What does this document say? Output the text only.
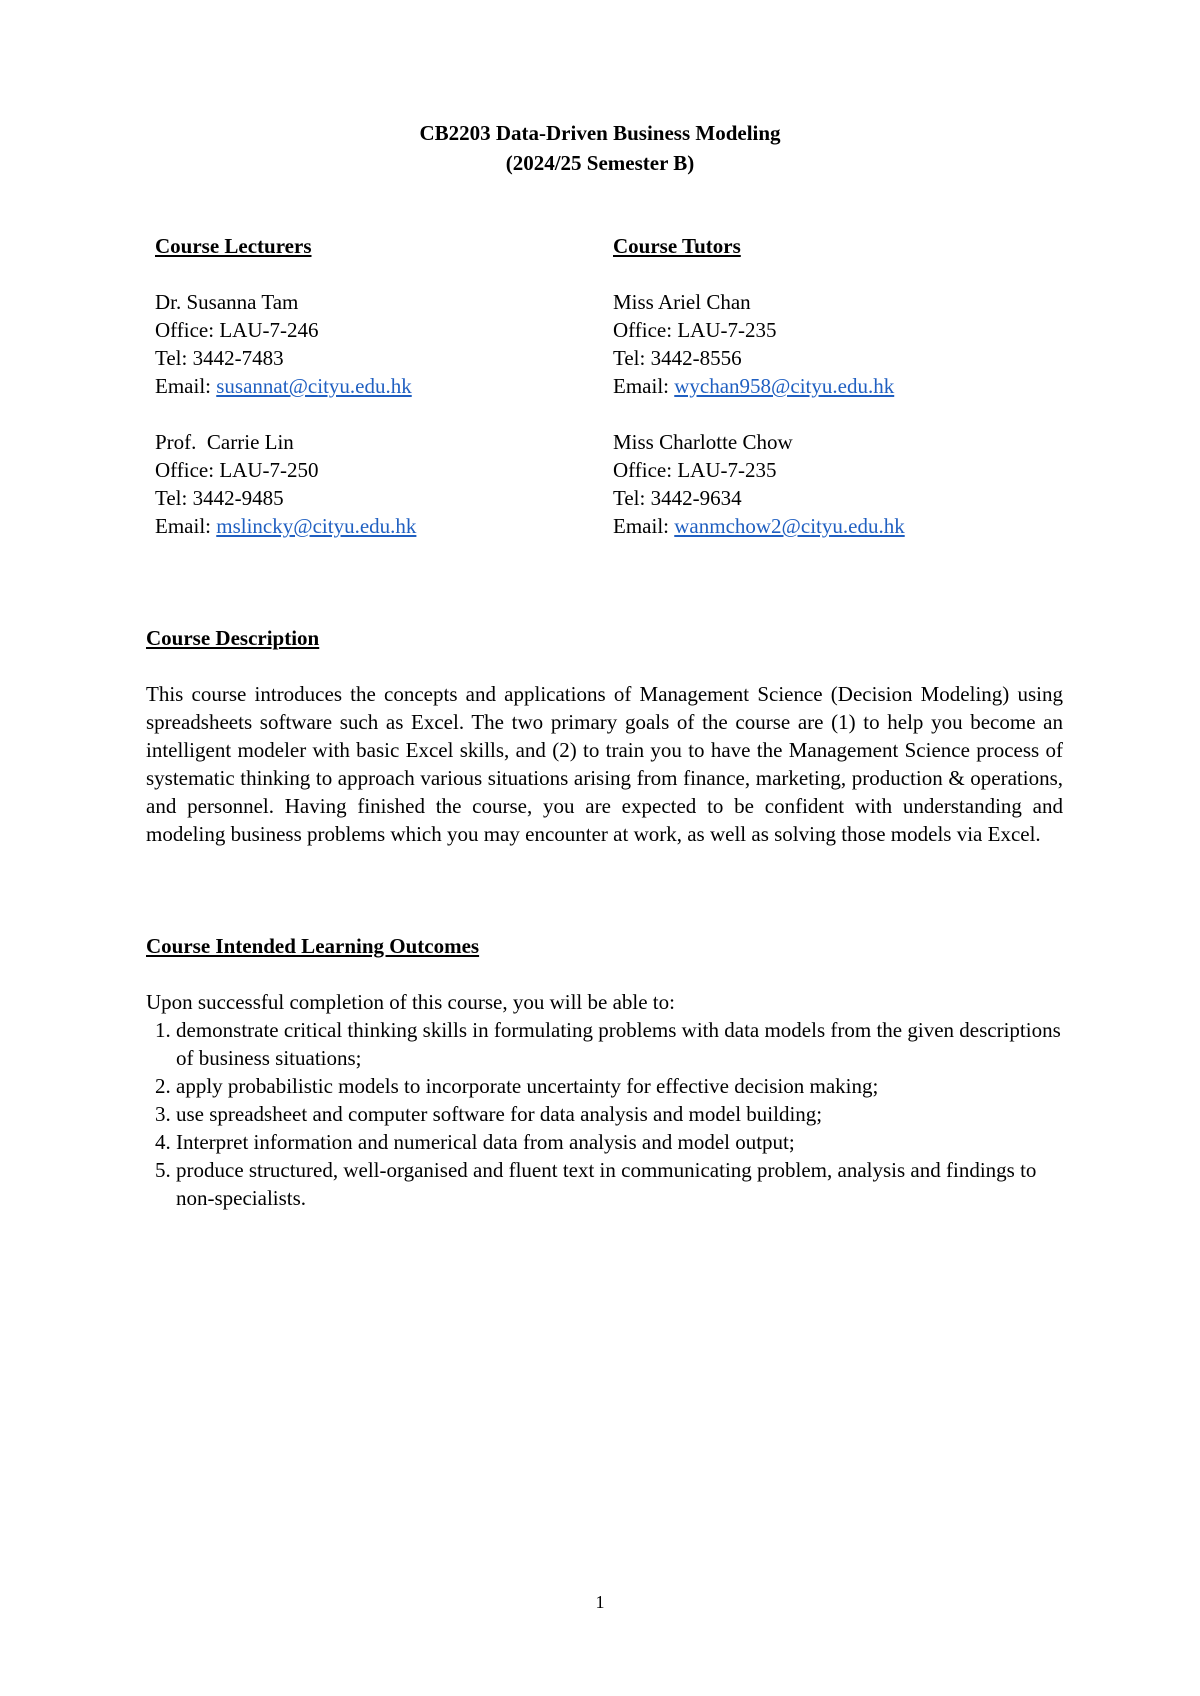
CB2203 Data-Driven Business Modeling
(2024/25 Semester B)
Course Lecturers
Dr. Susanna Tam
Office: LAU-7-246
Tel: 3442-7483
Email: susannat@cityu.edu.hk
Prof.  Carrie Lin
Office: LAU-7-250
Tel: 3442-9485
Email: mslincky@cityu.edu.hk
Course Tutors
Miss Ariel Chan
Office: LAU-7-235
Tel: 3442-8556
Email: wychan958@cityu.edu.hk
Miss Charlotte Chow
Office: LAU-7-235
Tel: 3442-9634
Email: wanmchow2@cityu.edu.hk
Course Description
This course introduces the concepts and applications of Management Science (Decision Modeling) using spreadsheets software such as Excel. The two primary goals of the course are (1) to help you become an intelligent modeler with basic Excel skills, and (2) to train you to have the Management Science process of systematic thinking to approach various situations arising from finance, marketing, production & operations, and personnel. Having finished the course, you are expected to be confident with understanding and modeling business problems which you may encounter at work, as well as solving those models via Excel.
Course Intended Learning Outcomes
Upon successful completion of this course, you will be able to:
1. demonstrate critical thinking skills in formulating problems with data models from the given descriptions of business situations;
2. apply probabilistic models to incorporate uncertainty for effective decision making;
3. use spreadsheet and computer software for data analysis and model building;
4. Interpret information and numerical data from analysis and model output;
5. produce structured, well-organised and fluent text in communicating problem, analysis and findings to non-specialists.
1
